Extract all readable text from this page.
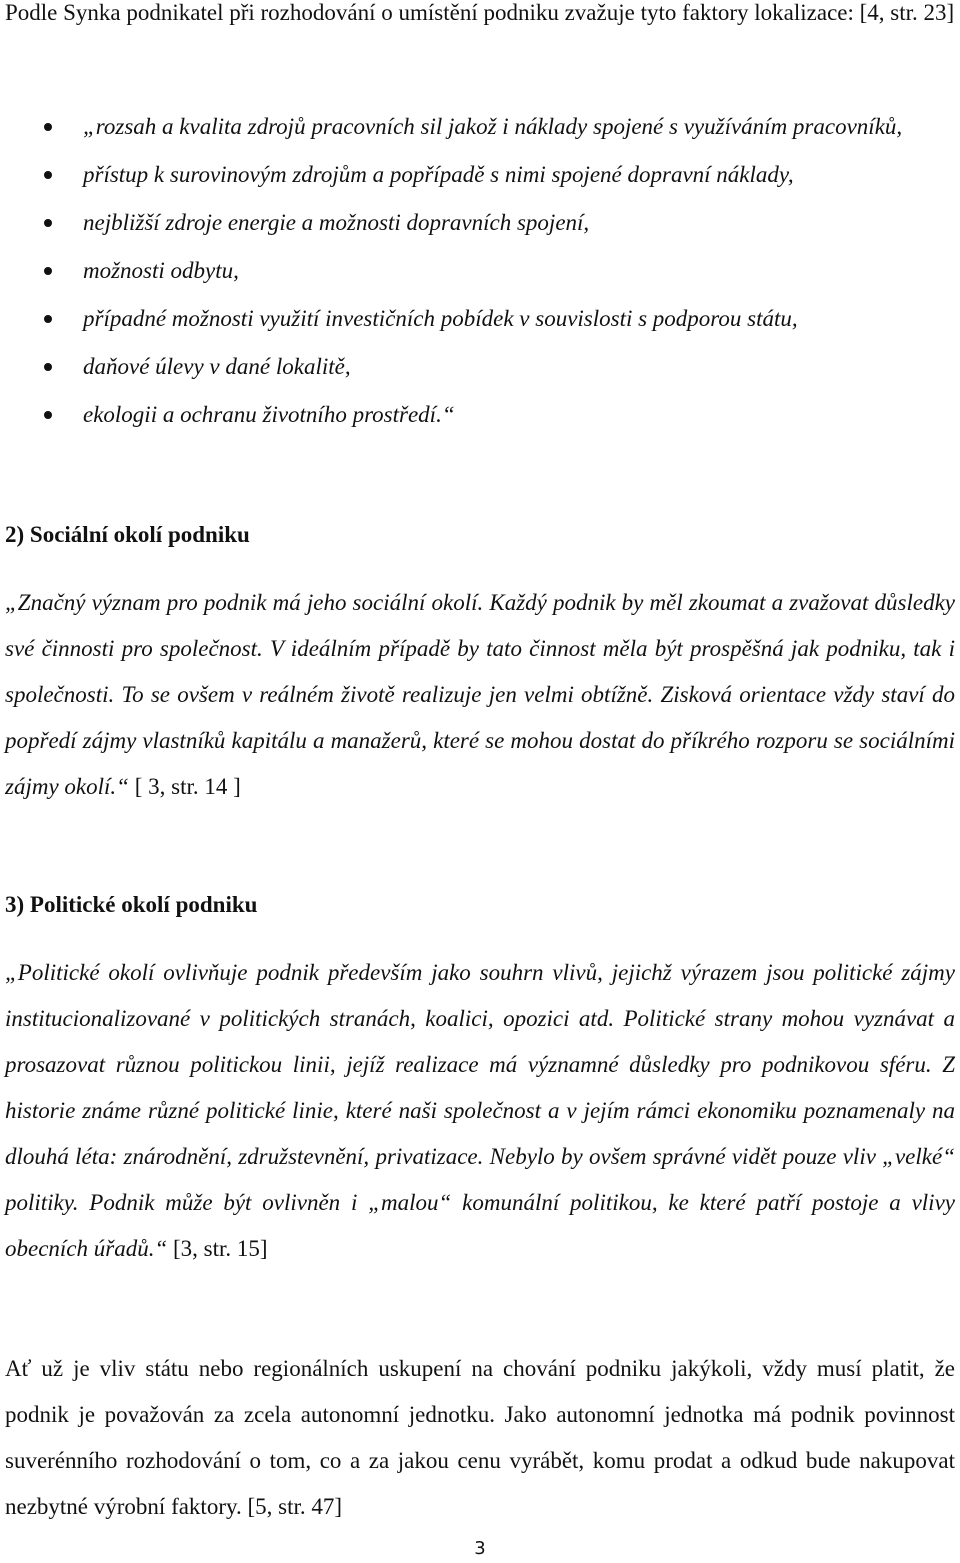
Podle Synka podnikatel při rozhodování o umístění podniku zvažuje tyto faktory lokalizace: [4, str. 23]

„rozsah a kvalita zdrojů pracovních sil jakož i náklady spojené s využíváním pracovníků,
přístup k surovinovým zdrojům a popřípadě s nimi spojené dopravní náklady,
nejbližší zdroje energie a možnosti dopravních spojení,
možnosti odbytu,
případné možnosti využití investičních pobídek v souvislosti s podporou státu,
daňové úlevy v dané lokalitě,
ekologii a ochranu životního prostředí.“
2) Sociální okolí podniku

„Značný význam pro podnik má jeho sociální okolí. Každý podnik by měl zkoumat a zvažovat důsledky své činnosti pro společnost. V ideálním případě by tato činnost měla být prospěšná jak podniku, tak i společnosti. To se ovšem v reálném životě realizuje jen velmi obtížně. Zisková orientace vždy staví do popředí zájmy vlastníků kapitálu a manažerů, které se mohou dostat do příkrého rozporu se sociálními zájmy okolí.“ [ 3, str. 14 ]

3) Politické okolí podniku

„Politické okolí ovlivňuje podnik především jako souhrn vlivů, jejichž výrazem jsou politické zájmy institucionalizované v politických stranách, koalici, opozici atd. Politické strany mohou vyznávat a prosazovat různou politickou linii, jejíž realizace má významné důsledky pro podnikovou sféru. Z historie známe různé politické linie, které naši společnost a v jejím rámci ekonomiku poznamenaly na dlouhá léta: znárodnění, združstevnění, privatizace. Nebylo by ovšem správné vidět pouze vliv „velké“ politiky. Podnik může být ovlivněn i „malou“ komunální politikou, ke které patří postoje a vlivy obecních úřadů.“ [3, str. 15]

Ať už je vliv státu nebo regionálních uskupení na chování podniku jakýkoli, vždy musí platit, že podnik je považován za zcela autonomní jednotku. Jako autonomní jednotka má podnik povinnost suverénního rozhodování o tom, co a za jakou cenu vyrábět, komu prodat a odkud bude nakupovat nezbytné výrobní faktory. [5, str. 47]

3
